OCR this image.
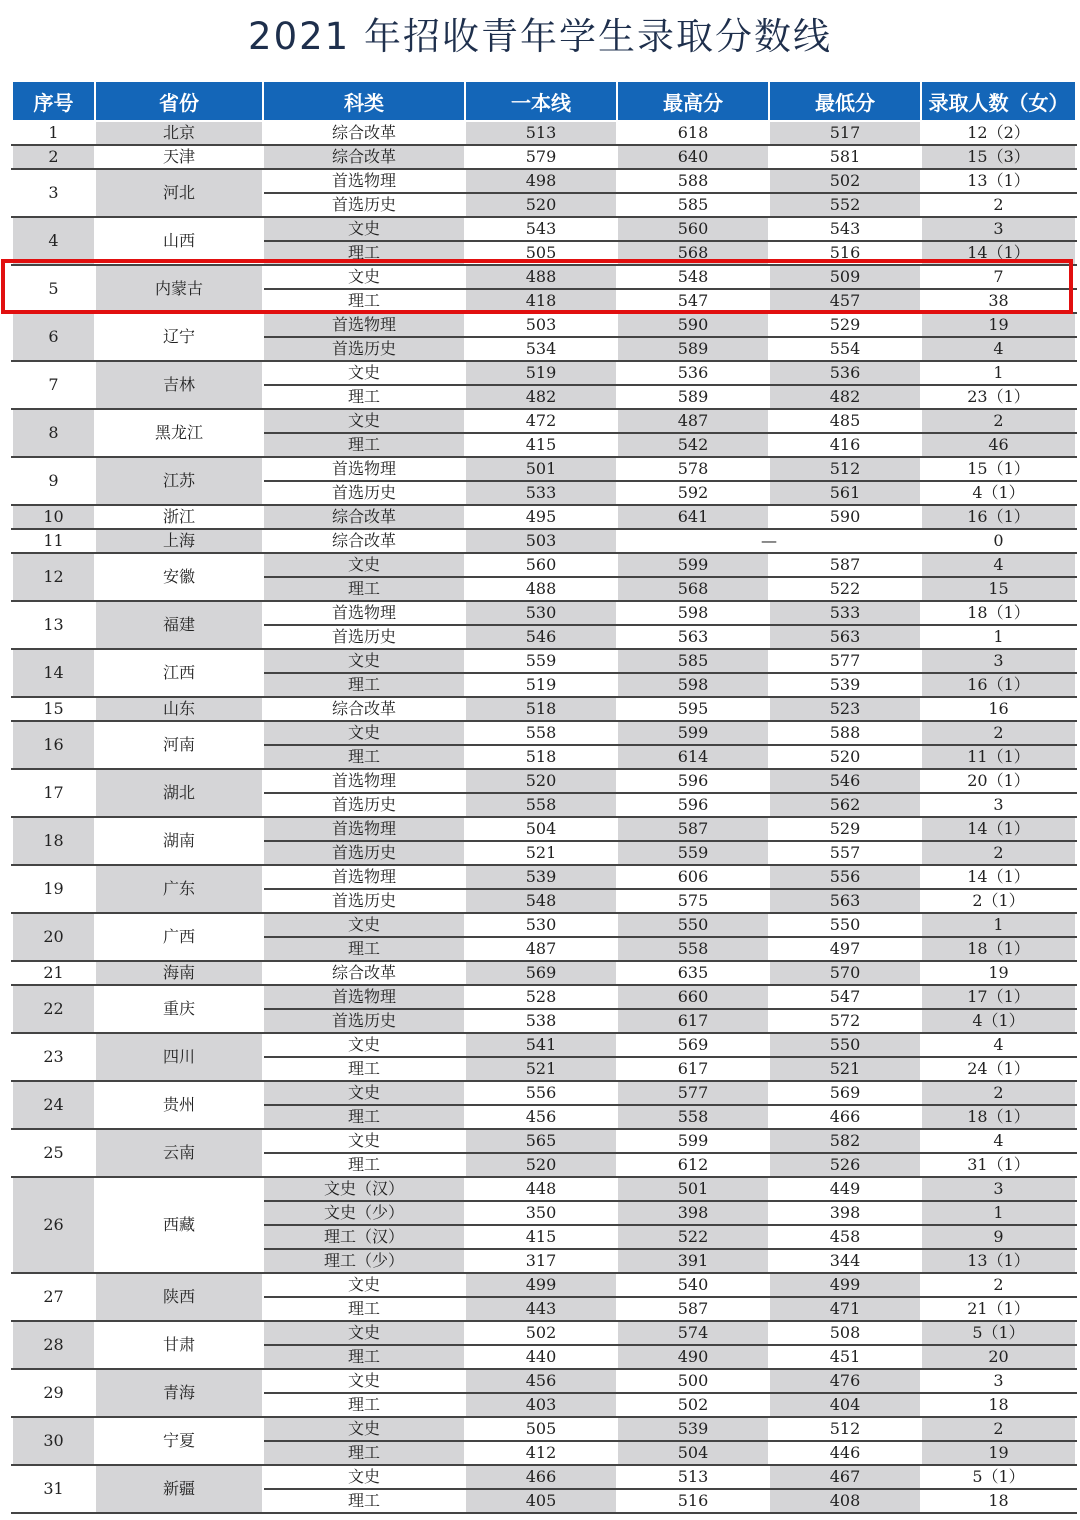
2021 年招收青年学生录取分数线
序号	省份	科类	一本线	最高分	最低分	录取人数（女）
1	北京	综合改革	513	618	517	12（2）
2	天津	综合改革	579	640	581	15（3）
3	河北	首选物理	498	588	502	13（1）
		首选历史	520	585	552	2
4	山西	文史	543	560	543	3
		理工	505	568	516	14（1）
5	内蒙古	文史	488	548	509	7
		理工	418	547	457	38
6	辽宁	首选物理	503	590	529	19
		首选历史	534	589	554	4
7	吉林	文史	519	536	536	1
		理工	482	589	482	23（1）
8	黑龙江	文史	472	487	485	2
		理工	415	542	416	46
9	江苏	首选物理	501	578	512	15（1）
		首选历史	533	592	561	4（1）
10	浙江	综合改革	495	641	590	16（1）
11	上海	综合改革	503	—		0
12	安徽	文史	560	599	587	4
		理工	488	568	522	15
13	福建	首选物理	530	598	533	18（1）
		首选历史	546	563	563	1
14	江西	文史	559	585	577	3
		理工	519	598	539	16（1）
15	山东	综合改革	518	595	523	16
16	河南	文史	558	599	588	2
		理工	518	614	520	11（1）
17	湖北	首选物理	520	596	546	20（1）
		首选历史	558	596	562	3
18	湖南	首选物理	504	587	529	14（1）
		首选历史	521	559	557	2
19	广东	首选物理	539	606	556	14（1）
		首选历史	548	575	563	2（1）
20	广西	文史	530	550	550	1
		理工	487	558	497	18（1）
21	海南	综合改革	569	635	570	19
22	重庆	首选物理	528	660	547	17（1）
		首选历史	538	617	572	4（1）
23	四川	文史	541	569	550	4
		理工	521	617	521	24（1）
24	贵州	文史	556	577	569	2
		理工	456	558	466	18（1）
25	云南	文史	565	599	582	4
		理工	520	612	526	31（1）
26	西藏	文史（汉）	448	501	449	3
		文史（少）	350	398	398	1
		理工（汉）	415	522	458	9
		理工（少）	317	391	344	13（1）
27	陕西	文史	499	540	499	2
		理工	443	587	471	21（1）
28	甘肃	文史	502	574	508	5（1）
		理工	440	490	451	20
29	青海	文史	456	500	476	3
		理工	403	502	404	18
30	宁夏	文史	505	539	512	2
		理工	412	504	446	19
31	新疆	文史	466	513	467	5（1）
		理工	405	516	408	18
